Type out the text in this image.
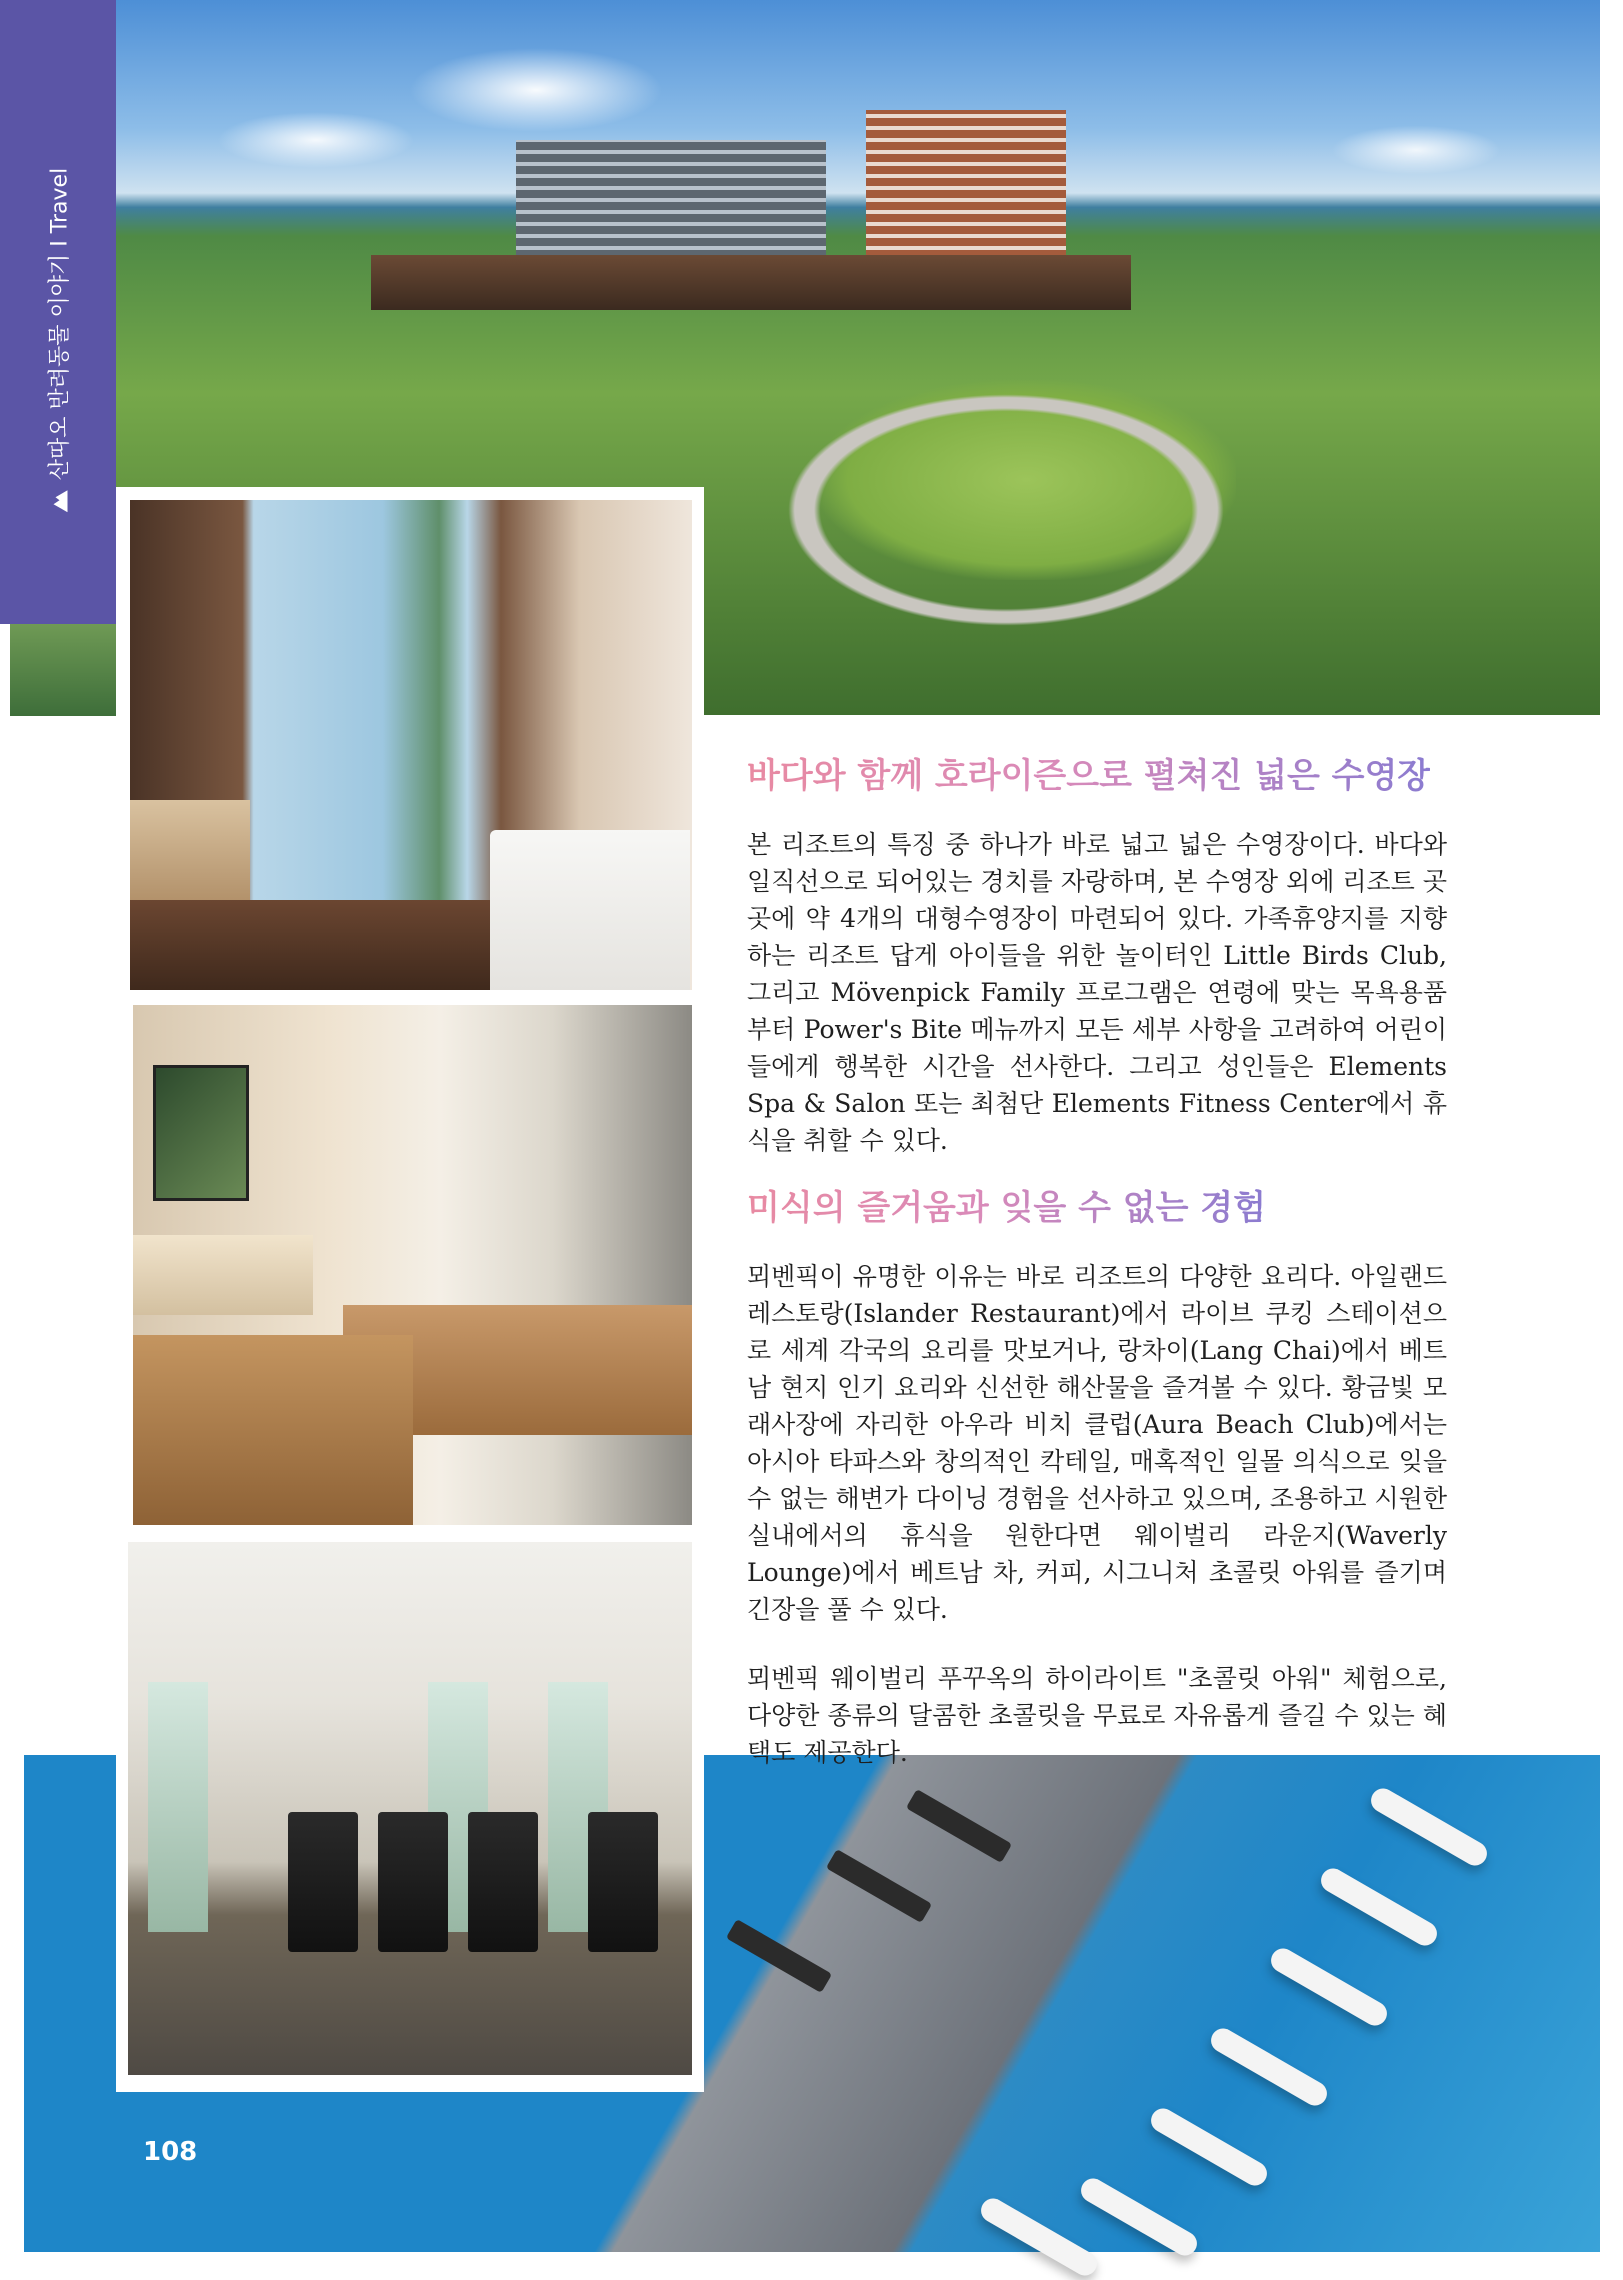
산따오 반려동물 이야기 I Travel
바다와 함께 호라이즌으로 펼쳐진 넓은 수영장
본 리조트의 특징 중 하나가 바로 넓고 넓은 수영장이다. 바다와 일직선으로 되어있는 경치를 자랑하며, 본 수영장 외에 리조트 곳곳에 약 4개의 대형수영장이 마련되어 있다. 가족휴양지를 지향하는 리조트 답게 아이들을 위한 놀이터인 Little Birds Club, 그리고 Mövenpick Family 프로그램은 연령에 맞는 목욕용품부터 Power's Bite 메뉴까지 모든 세부 사항을 고려하여 어린이들에게 행복한 시간을 선사한다. 그리고 성인들은 Elements Spa & Salon 또는 최첨단 Elements Fitness Center에서 휴식을 취할 수 있다.
미식의 즐거움과 잊을 수 없는 경험
뫼벤픽이 유명한 이유는 바로 리조트의 다양한 요리다. 아일랜드 레스토랑(Islander Restaurant)에서 라이브 쿠킹 스테이션으로 세계 각국의 요리를 맛보거나, 랑차이(Lang Chai)에서 베트남 현지 인기 요리와 신선한 해산물을 즐겨볼 수 있다. 황금빛 모래사장에 자리한 아우라 비치 클럽(Aura Beach Club)에서는 아시아 타파스와 창의적인 칵테일, 매혹적인 일몰 의식으로 잊을 수 없는 해변가 다이닝 경험을 선사하고 있으며, 조용하고 시원한 실내에서의 휴식을 원한다면 웨이벌리 라운지(Waverly Lounge)에서 베트남 차, 커피, 시그니처 초콜릿 아워를 즐기며 긴장을 풀 수 있다.
뫼벤픽 웨이벌리 푸꾸옥의 하이라이트 "초콜릿 아워" 체험으로, 다양한 종류의 달콤한 초콜릿을 무료로 자유롭게 즐길 수 있는 혜택도 제공한다.
108
